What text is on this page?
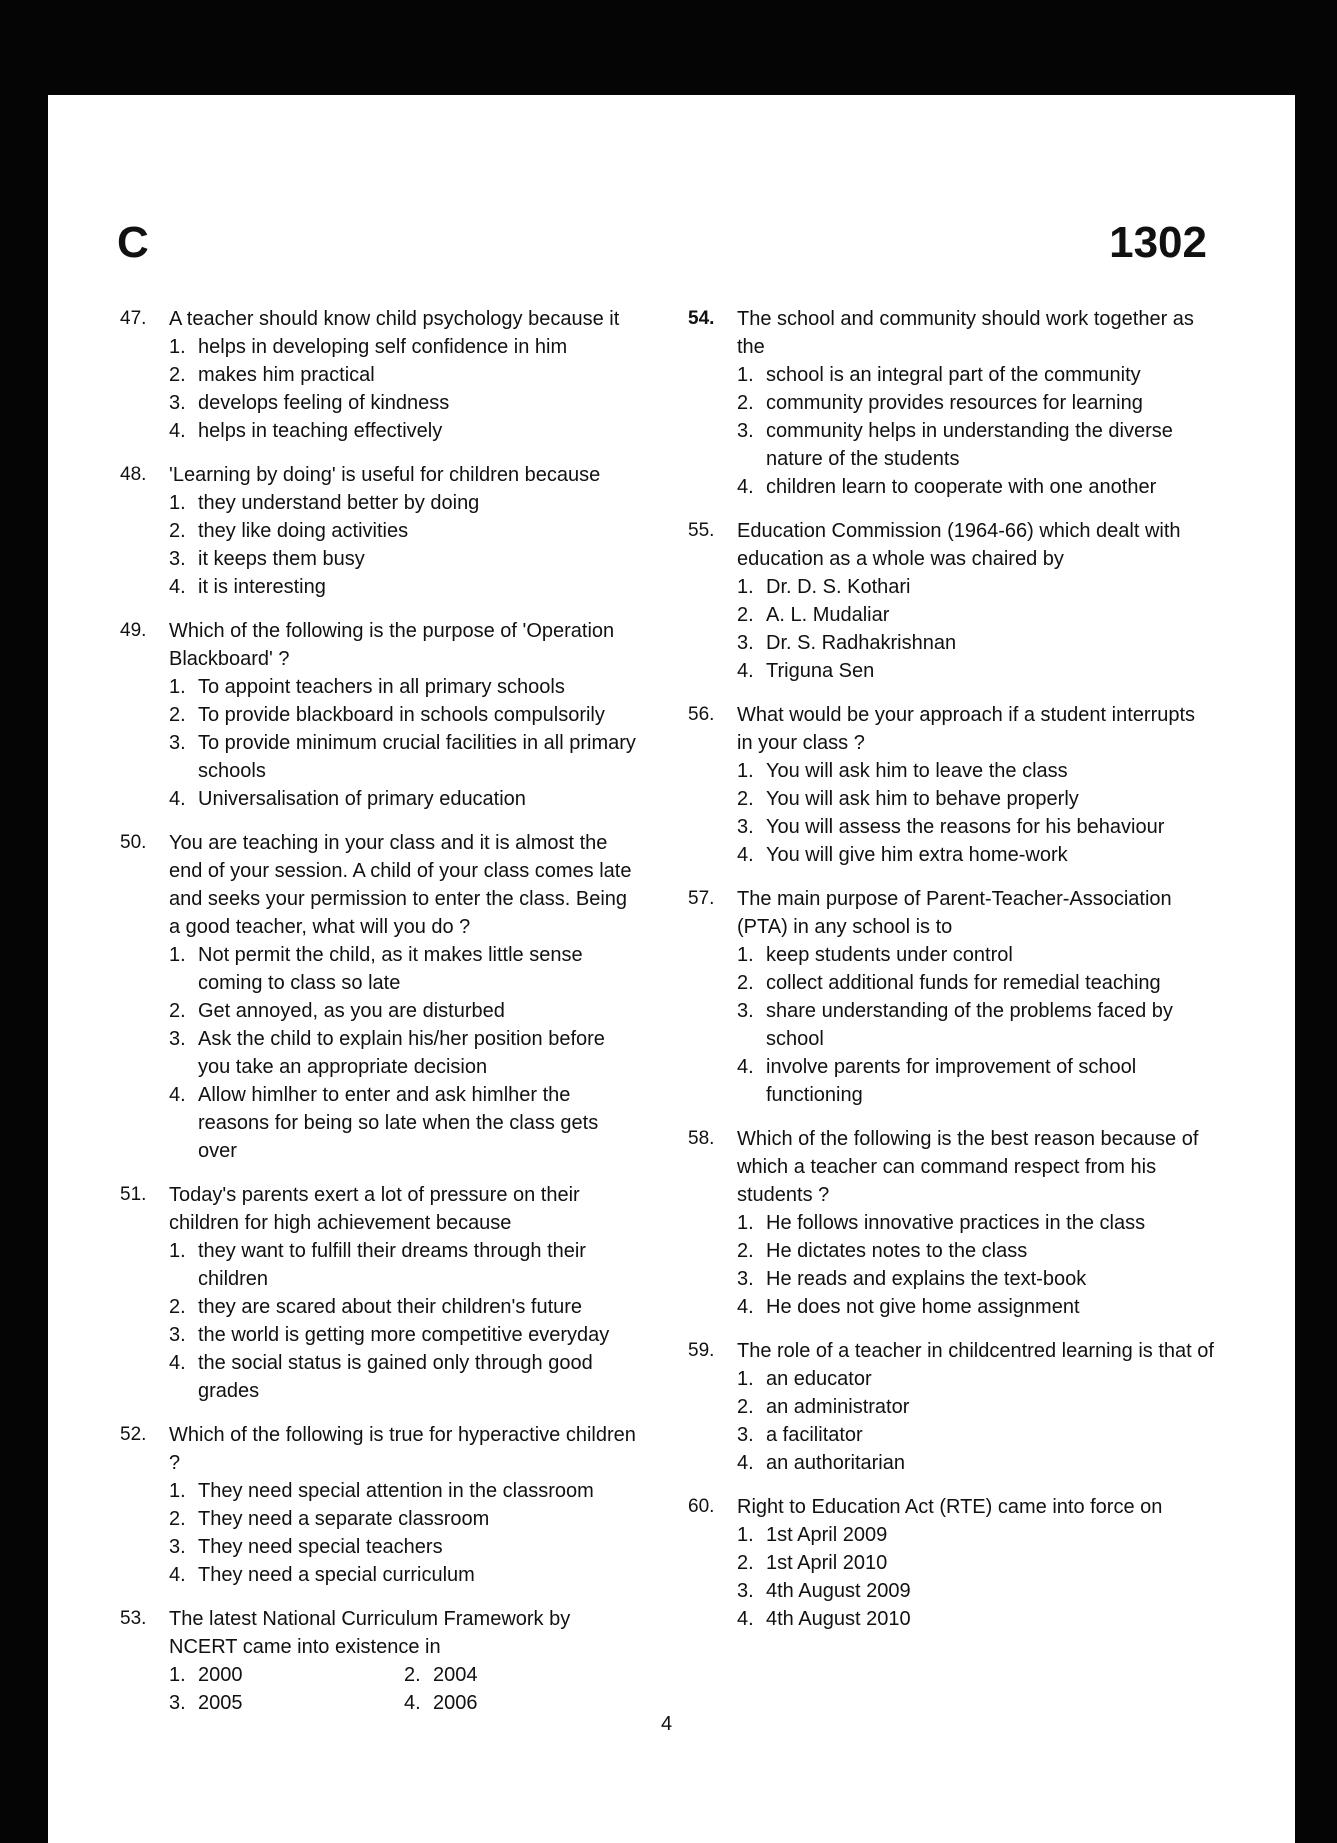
C	1302
47. A teacher should know child psychology because it
1. helps in developing self confidence in him
2. makes him practical
3. develops feeling of kindness
4. helps in teaching effectively
48. 'Learning by doing' is useful for children because
1. they understand better by doing
2. they like doing activities
3. it keeps them busy
4. it is interesting
49. Which of the following is the purpose of 'Operation Blackboard' ?
1. To appoint teachers in all primary schools
2. To provide blackboard in schools compulsorily
3. To provide minimum crucial facilities in all primary schools
4. Universalisation of primary education
50. You are teaching in your class and it is almost the end of your session. A child of your class comes late and seeks your permission to enter the class. Being a good teacher, what will you do ?
1. Not permit the child, as it makes little sense coming to class so late
2. Get annoyed, as you are disturbed
3. Ask the child to explain his/her position before you take an appropriate decision
4. Allow himlher to enter and ask himlher the reasons for being so late when the class gets over
51. Today's parents exert a lot of pressure on their children for high achievement because
1. they want to fulfill their dreams through their children
2. they are scared about their children's future
3. the world is getting more competitive everyday
4. the social status is gained only through good grades
52. Which of the following is true for hyperactive children ?
1. They need special attention in the classroom
2. They need a separate classroom
3. They need special teachers
4. They need a special curriculum
53. The latest National Curriculum Framework by NCERT came into existence in
1. 2000	2. 2004
3. 2005	4. 2006
54. The school and community should work together as the
1. school is an integral part of the community
2. community provides resources for learning
3. community helps in understanding the diverse nature of the students
4. children learn to cooperate with one another
55. Education Commission (1964-66) which dealt with education as a whole was chaired by
1. Dr. D. S. Kothari
2. A. L. Mudaliar
3. Dr. S. Radhakrishnan
4. Triguna Sen
56. What would be your approach if a student interrupts in your class ?
1. You will ask him to leave the class
2. You will ask him to behave properly
3. You will assess the reasons for his behaviour
4. You will give him extra home-work
57. The main purpose of Parent-Teacher-Association (PTA) in any school is to
1. keep students under control
2. collect additional funds for remedial teaching
3. share understanding of the problems faced by school
4. involve parents for improvement of school functioning
58. Which of the following is the best reason because of which a teacher can command respect from his students ?
1. He follows innovative practices in the class
2. He dictates notes to the class
3. He reads and explains the text-book
4. He does not give home assignment
59. The role of a teacher in childcentred learning is that of
1. an educator
2. an administrator
3. a facilitator
4. an authoritarian
60. Right to Education Act (RTE) came into force on
1. 1st April 2009
2. 1st April 2010
3. 4th August 2009
4. 4th August 2010
4
